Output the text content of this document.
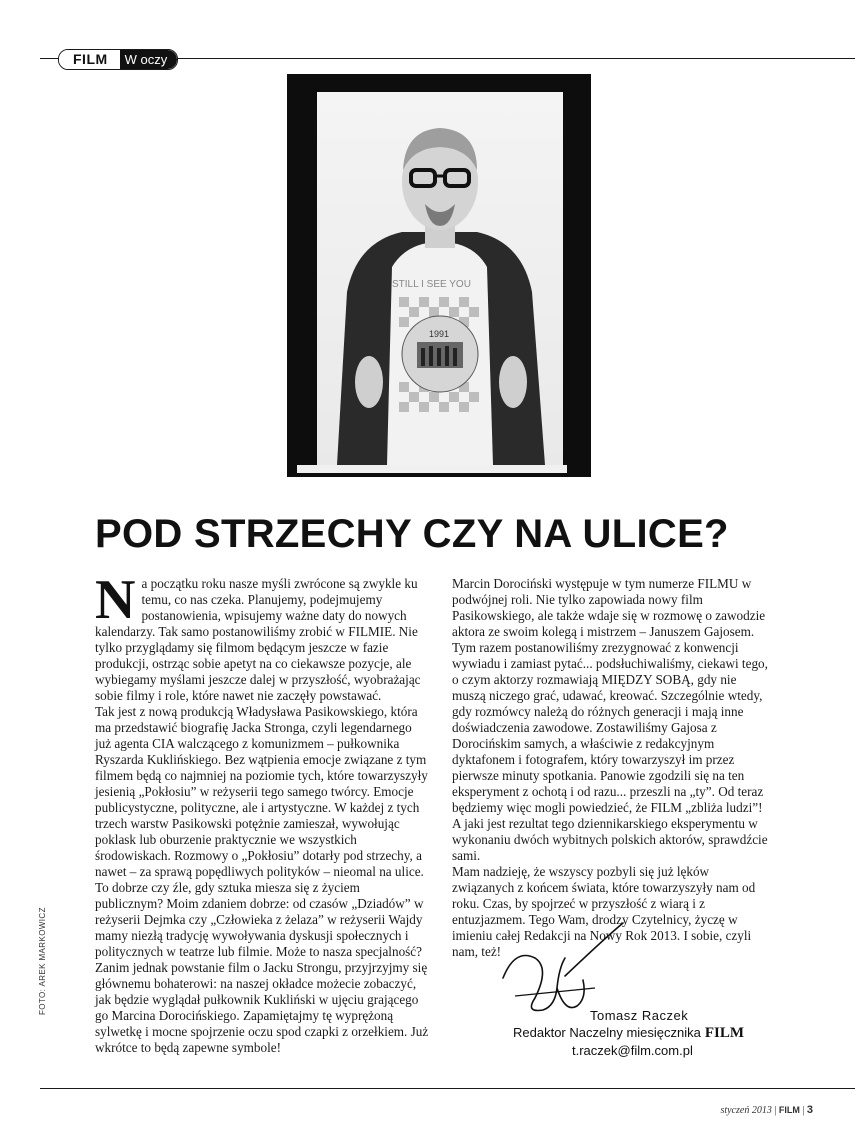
FILM	W oczy
STILL I SEE YOU
1991
POD STRZECHY CZY NA ULICE?

Na początku roku nasze myśli zwrócone są zwykle ku temu, co nas czeka. Planujemy, podejmujemy postanowienia, wpisujemy ważne daty do nowych kalendarzy. Tak samo postanowiliśmy zrobić w FILMIE. Nie tylko przyglądamy się filmom będącym jeszcze w fazie produkcji, ostrząc sobie apetyt na co ciekawsze pozycje, ale wybiegamy myślami jeszcze dalej w przyszłość, wyobrażając sobie filmy i role, które nawet nie zaczęły powstawać.

Tak jest z nową produkcją Władysława Pasikowskiego, która ma przedstawić biografię Jacka Stronga, czyli legendarnego już agenta CIA walczącego z komunizmem – pułkownika Ryszarda Kuklińskiego. Bez wątpienia emocje związane z tym filmem będą co najmniej na poziomie tych, które towarzyszyły jesienią „Pokłosiu” w reżyserii tego samego twórcy. Emocje publicystyczne, polityczne, ale i artystyczne. W każdej z tych trzech warstw Pasikowski potężnie zamieszał, wywołując poklask lub oburzenie praktycznie we wszystkich środowiskach. Rozmowy o „Pokłosiu” dotarły pod strzechy, a nawet – za sprawą popędliwych polityków – nieomal na ulice. To dobrze czy źle, gdy sztuka miesza się z życiem publicznym? Moim zdaniem dobrze: od czasów „Dziadów” w reżyserii Dejmka czy „Człowieka z żelaza” w reżyserii Wajdy mamy niezłą tradycję wywoływania dyskusji społecznych i politycznych w teatrze lub filmie. Może to nasza specjalność?

Zanim jednak powstanie film o Jacku Strongu, przyjrzyjmy się głównemu bohaterowi: na naszej okładce możecie zobaczyć, jak będzie wyglądał pułkownik Kukliński w ujęciu grającego go Marcina Dorocińskiego. Zapamiętajmy tę wyprężoną sylwetkę i mocne spojrzenie oczu spod czapki z orzełkiem. Już wkrótce to będą zapewne symbole!

Marcin Dorociński występuje w tym numerze FILMU w podwójnej roli. Nie tylko zapowiada nowy film Pasikowskiego, ale także wdaje się w rozmowę o zawodzie aktora ze swoim kolegą i mistrzem – Januszem Gajosem. Tym razem postanowiliśmy zrezygnować z konwencji wywiadu i zamiast pytać... podsłuchiwaliśmy, ciekawi tego, o czym aktorzy rozmawiają MIĘDZY SOBĄ, gdy nie muszą niczego grać, udawać, kreować. Szczególnie wtedy, gdy rozmówcy należą do różnych generacji i mają inne doświadczenia zawodowe. Zostawiliśmy Gajosa z Dorocińskim samych, a właściwie z redakcyjnym dyktafonem i fotografem, który towarzyszył im przez pierwsze minuty spotkania. Panowie zgodzili się na ten eksperyment z ochotą i od razu... przeszli na „ty”. Od teraz będziemy więc mogli powiedzieć, że FILM „zbliża ludzi”!

A jaki jest rezultat tego dziennikarskiego eksperymentu w wykonaniu dwóch wybitnych polskich aktorów, sprawdźcie sami.

Mam nadzieję, że wszyscy pozbyli się już lęków związanych z końcem świata, które towarzyszyły nam od roku. Czas, by spojrzeć w przyszłość z wiarą i z entuzjazmem. Tego Wam, drodzy Czytelnicy, życzę w imieniu całej Redakcji na Nowy Rok 2013. I sobie, czyli nam, też!

Tomasz Raczek
Redaktor Naczelny miesięcznika FILM
t.raczek@film.com.pl
FOTO: AREK MARKOWICZ
styczeń 2013 | FILM | 3
